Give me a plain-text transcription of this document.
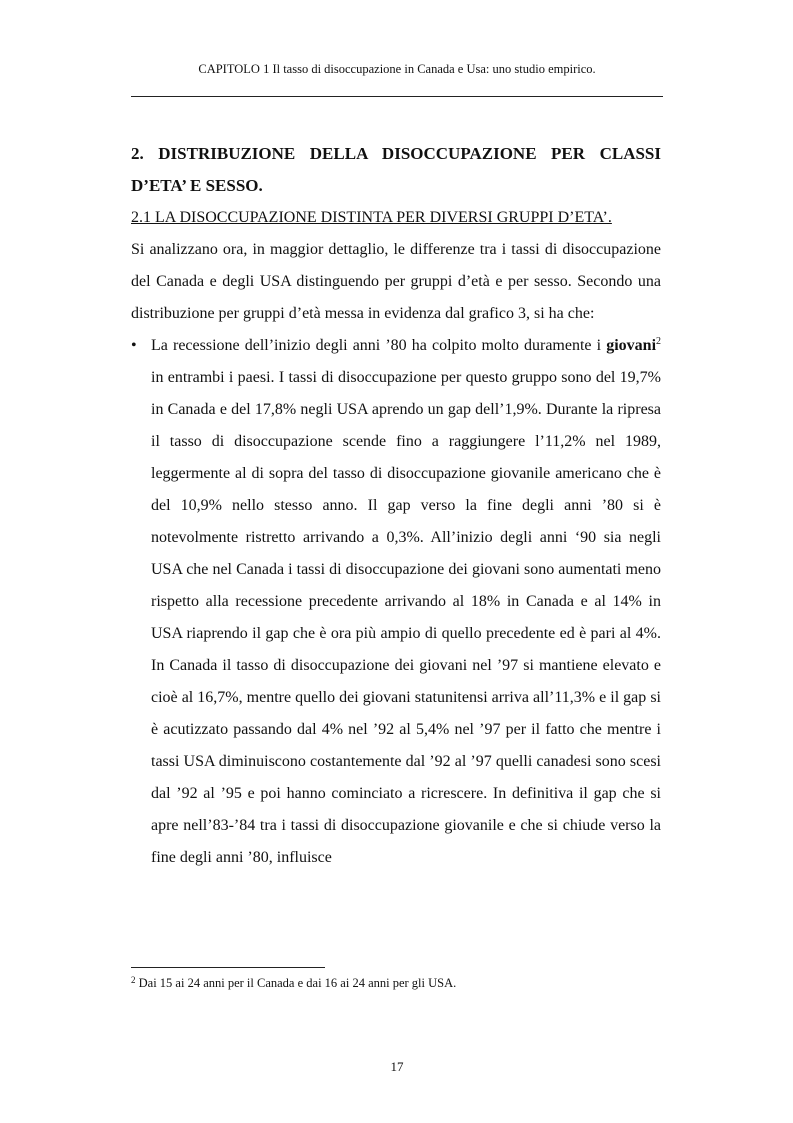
CAPITOLO 1 Il tasso di disoccupazione in Canada e Usa: uno studio empirico.

2. DISTRIBUZIONE DELLA DISOCCUPAZIONE PER CLASSI D’ETA’ E SESSO.

2.1 LA DISOCCUPAZIONE DISTINTA PER DIVERSI GRUPPI D’ETA’.

Si analizzano ora, in maggior dettaglio, le differenze tra i tassi di disoccupazione del Canada e degli USA distinguendo per gruppi d’età e per sesso. Secondo una distribuzione per gruppi d’età messa in evidenza dal grafico 3, si ha che:

• La recessione dell’inizio degli anni ’80 ha colpito molto duramente i giovani$^2$ in entrambi i paesi. I tassi di disoccupazione per questo gruppo sono del 19,7% in Canada e del 17,8% negli USA aprendo un gap dell’1,9%. Durante la ripresa il tasso di disoccupazione scende fino a raggiungere l’11,2% nel 1989, leggermente al di sopra del tasso di disoccupazione giovanile americano che è del 10,9% nello stesso anno. Il gap verso la fine degli anni ’80 si è notevolmente ristretto arrivando a 0,3%. All’inizio degli anni ‘90 sia negli USA che nel Canada i tassi di disoccupazione dei giovani sono aumentati meno rispetto alla recessione precedente arrivando al 18% in Canada e al 14% in USA riaprendo il gap che è ora più ampio di quello precedente ed è pari al 4%. In Canada il tasso di disoccupazione dei giovani nel ’97 si mantiene elevato e cioè al 16,7%, mentre quello dei giovani statunitensi arriva all’11,3% e il gap si è acutizzato passando dal 4% nel ’92 al 5,4% nel ’97 per il fatto che mentre i tassi USA diminuiscono costantemente dal ’92 al ’97 quelli canadesi sono scesi dal ’92 al ’95 e poi hanno cominciato a ricrescere. In definitiva il gap che si apre nell’83-’84 tra i tassi di disoccupazione giovanile e che si chiude verso la fine degli anni ’80, influisce

$^2$ Dai 15 ai 24 anni per il Canada e dai 16 ai 24 anni per gli USA.
17
